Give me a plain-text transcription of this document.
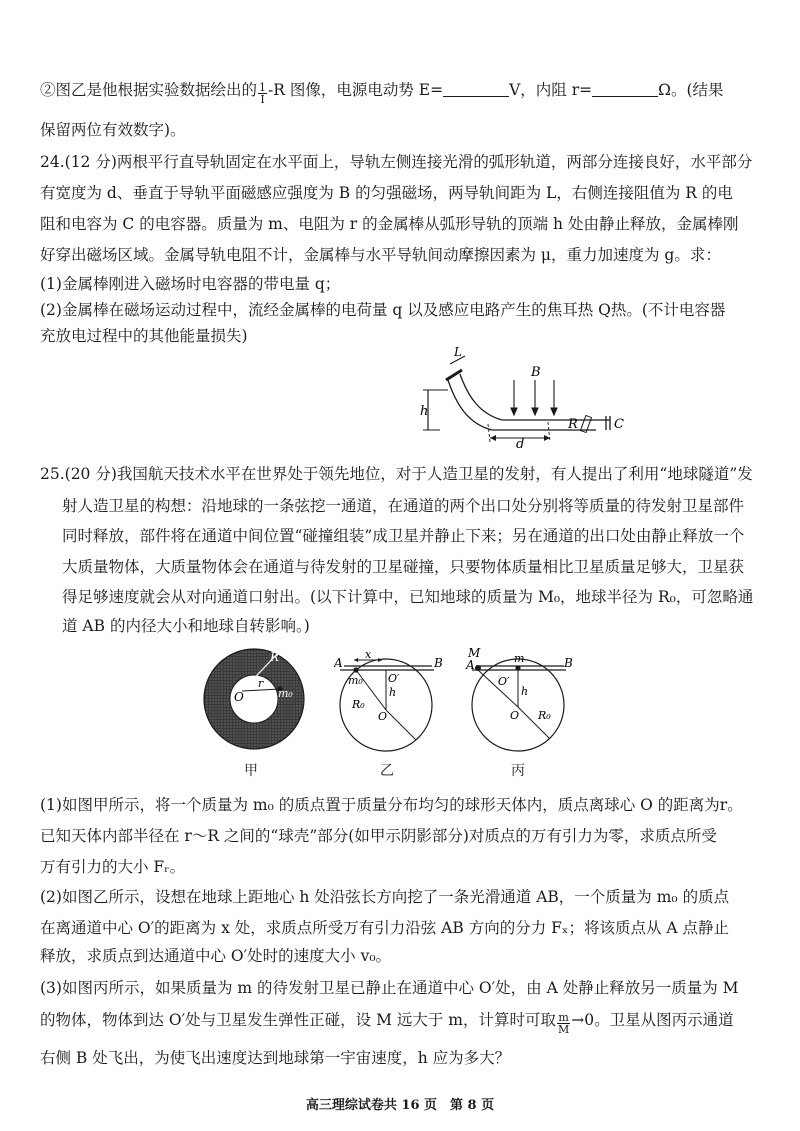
②图乙是他根据实验数据绘出的 $\frac{1}{I} -R$ 图像，电源电动势 E=	V，内阻 r=	Ω。(结果
保留两位有效数字)。
24.(12 分)两根平行直导轨固定在水平面上，导轨左侧连接光滑的弧形轨道，两部分连接良好，水平部分
有宽度为 d、垂直于导轨平面磁感应强度为 B 的匀强磁场，两导轨间距为 L，右侧连接阻值为 R 的电
阻和电容为 C 的电容器。质量为 m、电阻为 r 的金属棒从弧形导轨的顶端 h 处由静止释放，金属棒刚
好穿出磁场区域。金属导轨电阻不计，金属棒与水平导轨间动摩擦因素为 μ，重力加速度为 g。求：
(1)金属棒刚进入磁场时电容器的带电量 q；
(2)金属棒在磁场运动过程中，流经金属棒的电荷量 q 以及感应电路产生的焦耳热 Q热。(不计电容器
充放电过程中的其他能量损失)
h
L
B
d
R	C
25.(20 分)我国航天技术水平在世界处于领先地位，对于人造卫星的发射，有人提出了利用“地球隧道”发
射人造卫星的构想：沿地球的一条弦挖一通道，在通道的两个出口处分别将等质量的待发射卫星部件
同时释放，部件将在通道中间位置“碰撞组装”成卫星并静止下来；另在通道的出口处由静止释放一个
大质量物体，大质量物体会在通道与待发射的卫星碰撞，只要物体质量相比卫星质量足够大，卫星获
得足够速度就会从对向通道口射出。(以下计算中，已知地球的质量为 M₀，地球半径为 R₀，可忽略通
道 AB 的内径大小和地球自转影响。)
R
O
r
m₀
甲
A	B
x
m₀ O′
h
R₀
O
乙
M
A	m	B
O′
h
O R₀
丙
(1)如图甲所示，将一个质量为 m₀ 的质点置于质量分布均匀的球形天体内，质点离球心 O 的距离为r。
已知天体内部半径在 r～R 之间的“球壳”部分(如甲示阴影部分)对质点的万有引力为零，求质点所受
万有引力的大小 Fᵣ。
(2)如图乙所示，设想在地球上距地心 h 处沿弦长方向挖了一条光滑通道 AB，一个质量为 m₀ 的质点
在离通道中心 O′的距离为 x 处，求质点所受万有引力沿弦 AB 方向的分力 Fₓ；将该质点从 A 点静止
释放，求质点到达通道中心 O′处时的速度大小 v₀。
(3)如图丙所示，如果质量为 m 的待发射卫星已静止在通道中心 O′处，由 A 处静止释放另一质量为 M
的物体，物体到达 O′处与卫星发生弹性正碰，设 M 远大于 m，计算时可取 $\frac{m}{M} \to 0$。卫星从图丙示通道
右侧 B 处飞出，为使飞出速度达到地球第一宇宙速度，h 应为多大？
高三理综试卷共 16 页　第 8 页
